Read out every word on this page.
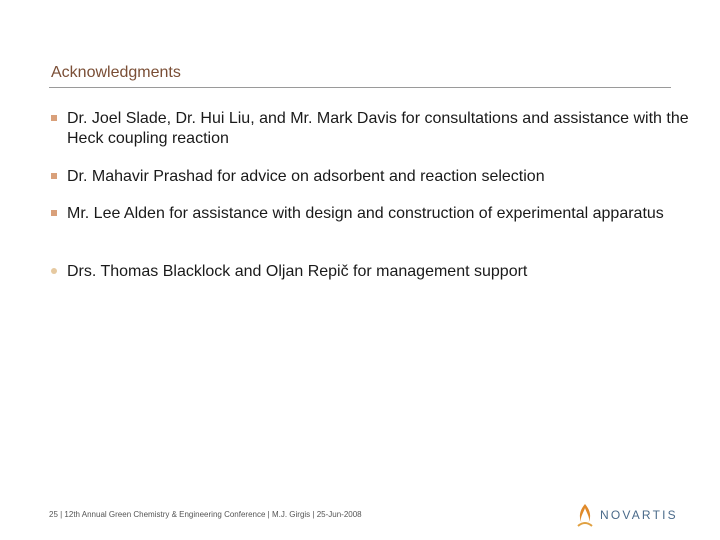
Acknowledgments
Dr. Joel Slade, Dr. Hui Liu, and Mr. Mark Davis for consultations and assistance with the Heck coupling reaction
Dr. Mahavir Prashad for advice on adsorbent and reaction selection
Mr. Lee Alden for assistance with design and construction of experimental apparatus
Drs. Thomas Blacklock and Oljan Repič for management support
25 | 12th Annual Green Chemistry & Engineering Conference | M.J. Girgis | 25-Jun-2008	NOVARTIS
